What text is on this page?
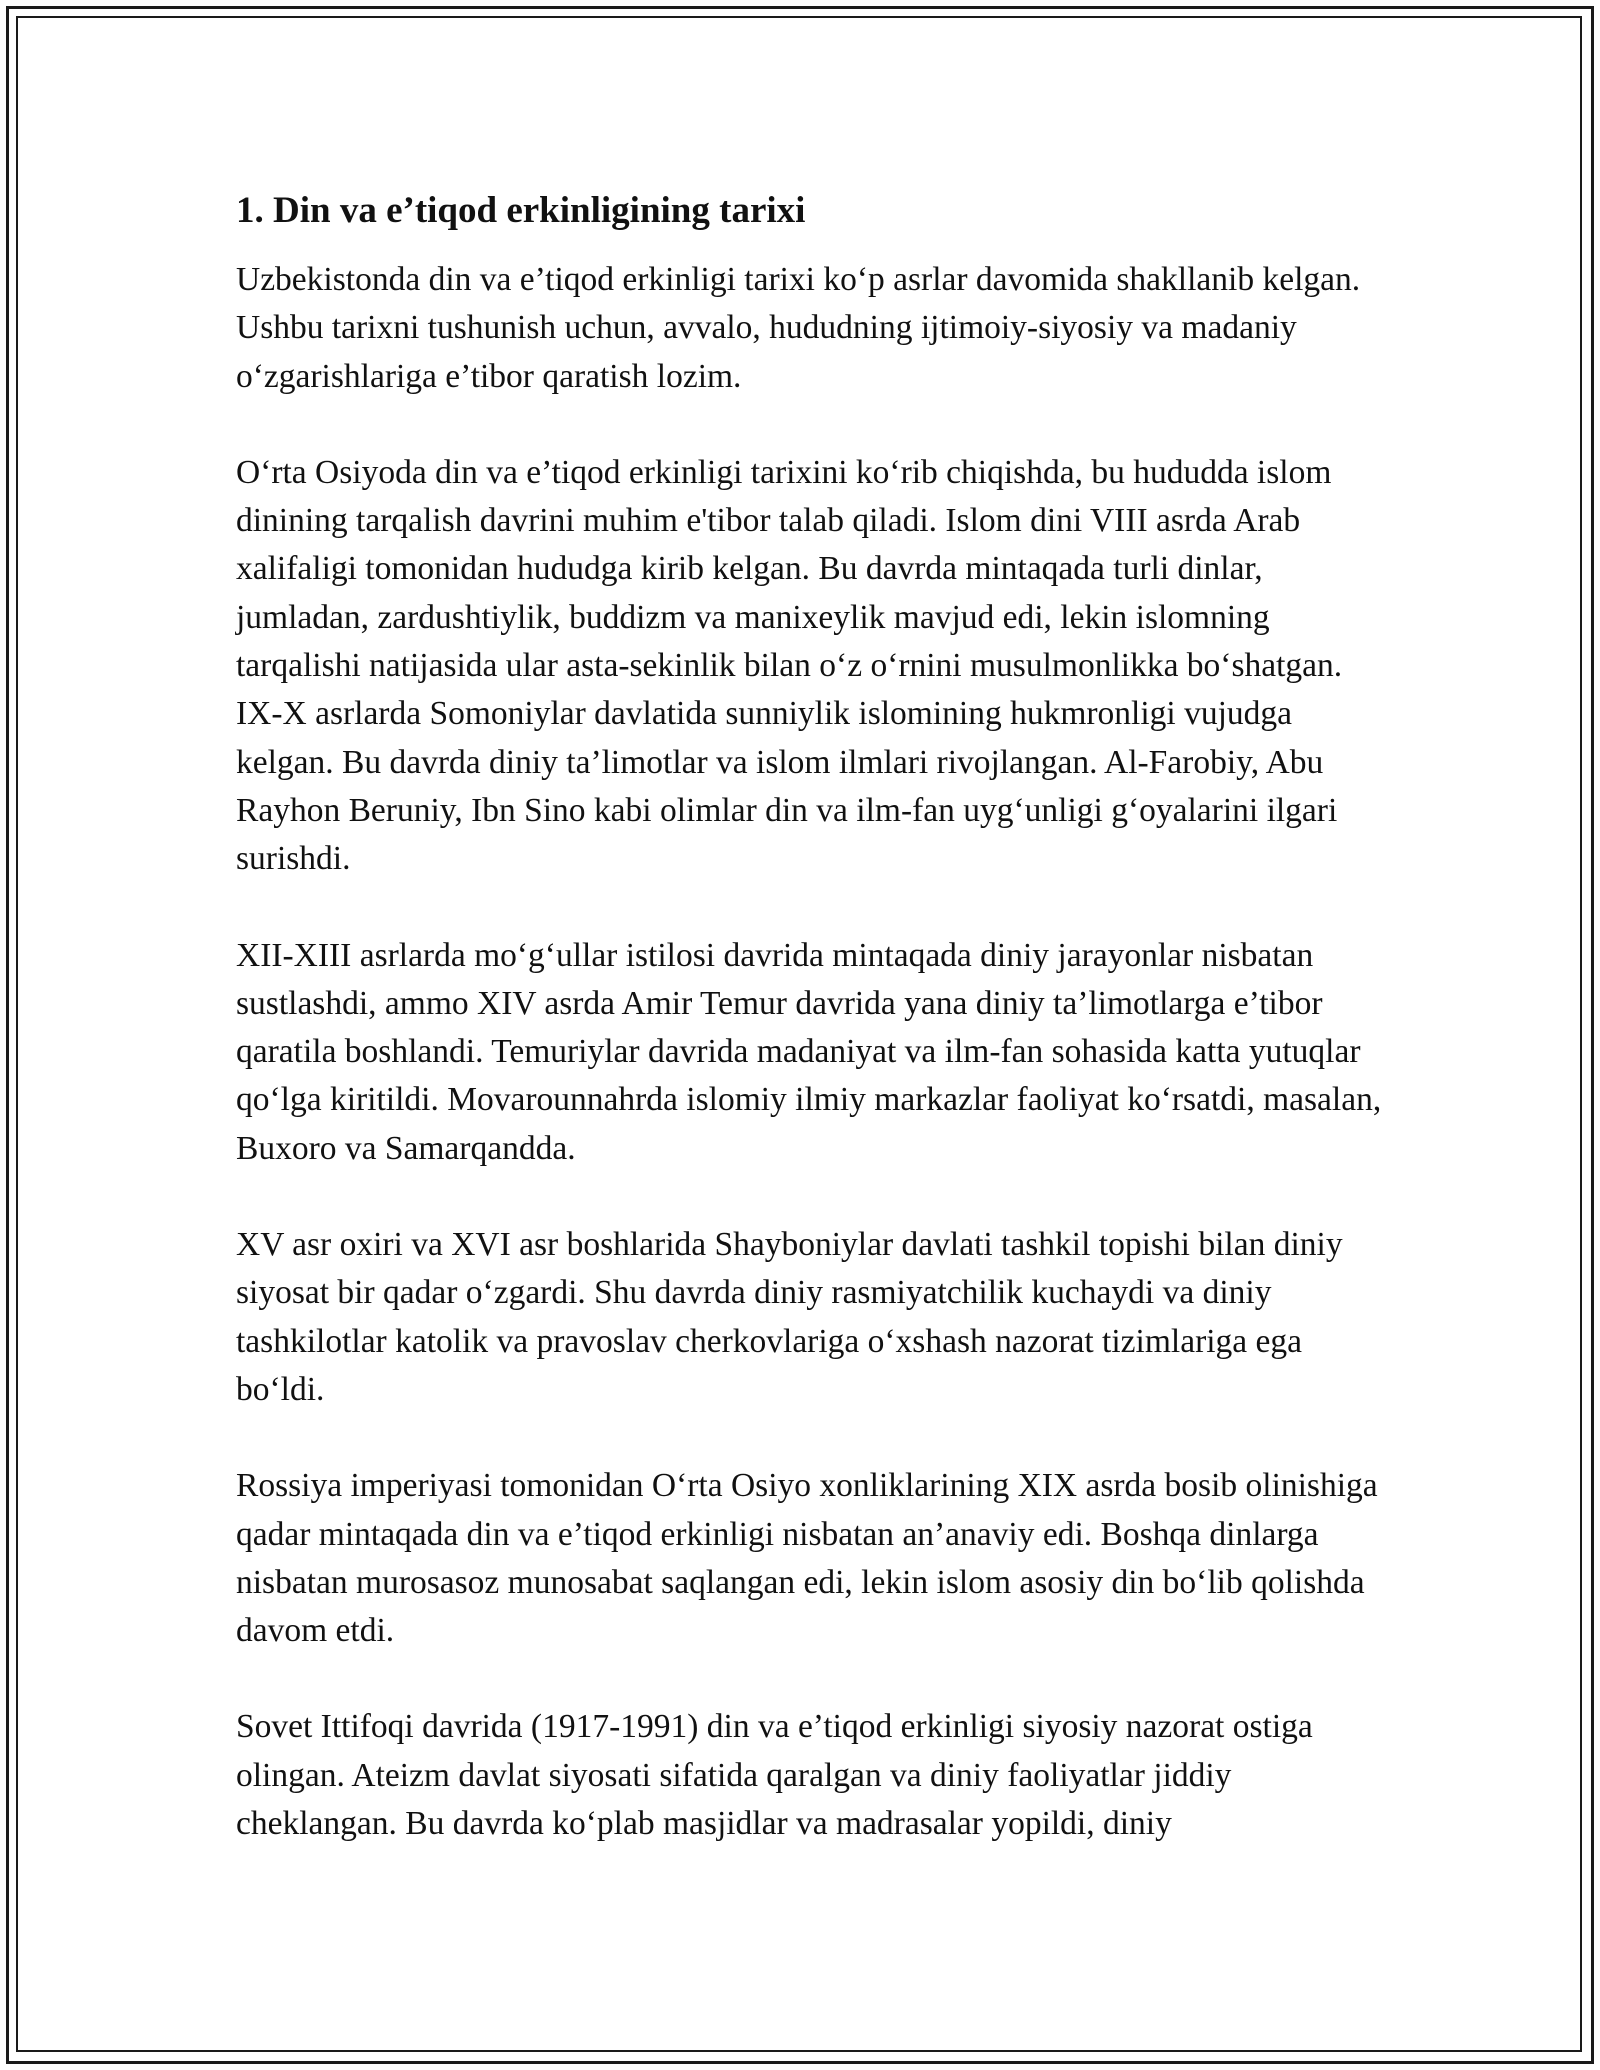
1. Din va e’tiqod erkinligining tarixi

Uzbekistonda din va e’tiqod erkinligi tarixi ko‘p asrlar davomida shakllanib kelgan. Ushbu tarixni tushunish uchun, avvalo, hududning ijtimoiy-siyosiy va madaniy o‘zgarishlariga e’tibor qaratish lozim.

O‘rta Osiyoda din va e’tiqod erkinligi tarixini ko‘rib chiqishda, bu hududda islom dinining tarqalish davrini muhim e'tibor talab qiladi. Islom dini VIII asrda Arab xalifaligi tomonidan hududga kirib kelgan. Bu davrda mintaqada turli dinlar, jumladan, zardushtiylik, buddizm va manixeylik mavjud edi, lekin islomning tarqalishi natijasida ular asta-sekinlik bilan o‘z o‘rnini musulmonlikka bo‘shatgan. IX-X asrlarda Somoniylar davlatida sunniylik islomining hukmronligi vujudga kelgan. Bu davrda diniy ta’limotlar va islom ilmlari rivojlangan. Al-Farobiy, Abu Rayhon Beruniy, Ibn Sino kabi olimlar din va ilm-fan uyg‘unligi g‘oyalarini ilgari surishdi.

XII-XIII asrlarda mo‘g‘ullar istilosi davrida mintaqada diniy jarayonlar nisbatan sustlashdi, ammo XIV asrda Amir Temur davrida yana diniy ta’limotlarga e’tibor qaratila boshlandi. Temuriylar davrida madaniyat va ilm-fan sohasida katta yutuqlar qo‘lga kiritildi. Movarounnahrda islomiy ilmiy markazlar faoliyat ko‘rsatdi, masalan, Buxoro va Samarqandda.

XV asr oxiri va XVI asr boshlarida Shayboniylar davlati tashkil topishi bilan diniy siyosat bir qadar o‘zgardi. Shu davrda diniy rasmiyatchilik kuchaydi va diniy tashkilotlar katolik va pravoslav cherkovlariga o‘xshash nazorat tizimlariga ega bo‘ldi.

Rossiya imperiyasi tomonidan O‘rta Osiyo xonliklarining XIX asrda bosib olinishiga qadar mintaqada din va e’tiqod erkinligi nisbatan an’anaviy edi. Boshqa dinlarga nisbatan murosasoz munosabat saqlangan edi, lekin islom asosiy din bo‘lib qolishda davom etdi.

Sovet Ittifoqi davrida (1917-1991) din va e’tiqod erkinligi siyosiy nazorat ostiga olingan. Ateizm davlat siyosati sifatida qaralgan va diniy faoliyatlar jiddiy cheklangan. Bu davrda ko‘plab masjidlar va madrasalar yopildi, diniy
